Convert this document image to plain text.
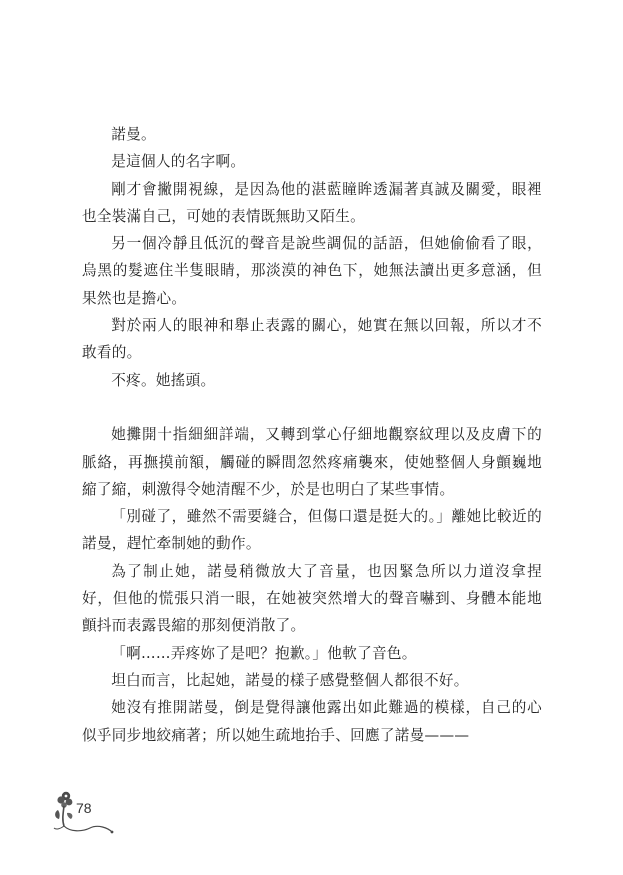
諾曼。

是這個人的名字啊。

剛才會撇開視線，是因為他的湛藍瞳眸透漏著真誠及關愛，眼裡也全裝滿自己，可她的表情既無助又陌生。

另一個冷靜且低沉的聲音是說些調侃的話語，但她偷偷看了眼，烏黑的髮遮住半隻眼睛，那淡漠的神色下，她無法讀出更多意涵，但果然也是擔心。

對於兩人的眼神和舉止表露的關心，她實在無以回報，所以才不敢看的。

不疼。她搖頭。

她攤開十指細細詳端，又轉到掌心仔細地觀察紋理以及皮膚下的脈絡，再撫摸前額，觸碰的瞬間忽然疼痛襲來，使她整個人身顫巍地縮了縮，刺激得令她清醒不少，於是也明白了某些事情。

「別碰了，雖然不需要縫合，但傷口還是挺大的。」離她比較近的諾曼，趕忙牽制她的動作。

為了制止她，諾曼稍微放大了音量，也因緊急所以力道沒拿捏好，但他的慌張只消一眼，在她被突然增大的聲音嚇到、身體本能地顫抖而表露畏縮的那刻便消散了。

「啊……弄疼妳了是吧？抱歉。」他軟了音色。

坦白而言，比起她，諾曼的樣子感覺整個人都很不好。

她沒有推開諾曼，倒是覺得讓他露出如此難過的模樣，自己的心似乎同步地絞痛著；所以她生疏地抬手、回應了諾曼———

78
